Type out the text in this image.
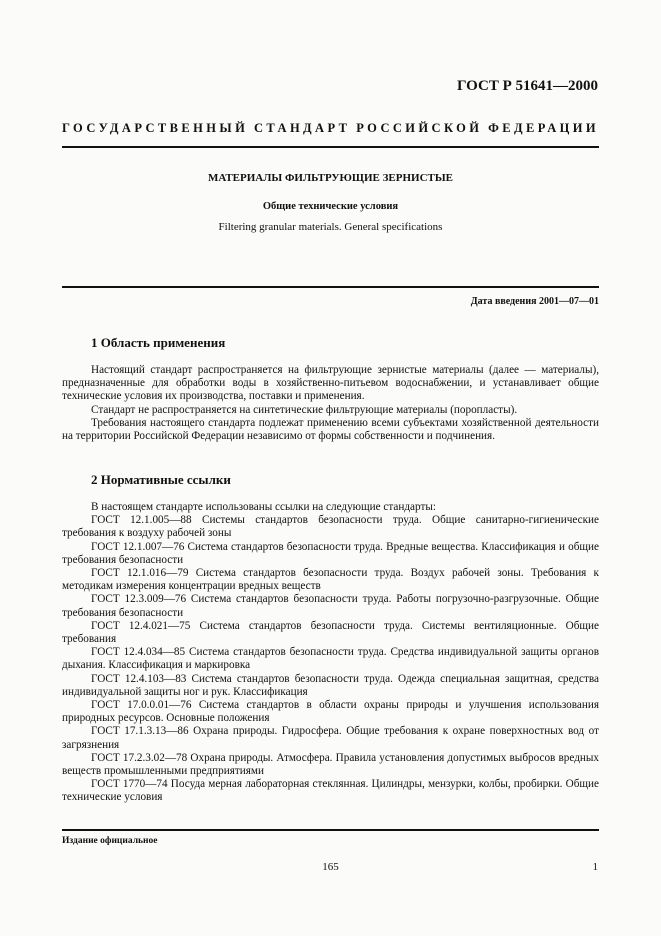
ГОСТ Р 51641—2000
ГОСУДАРСТВЕННЫЙ СТАНДАРТ РОССИЙСКОЙ ФЕДЕРАЦИИ
МАТЕРИАЛЫ ФИЛЬТРУЮЩИЕ ЗЕРНИСТЫЕ
Общие технические условия
Filtering granular materials. General specifications
Дата введения 2001—07—01
1 Область применения

Настоящий стандарт распространяется на фильтрующие зернистые материалы (далее — материалы), предназначенные для обработки воды в хозяйственно-питьевом водоснабжении, и устанавливает общие технические условия их производства, поставки и применения.

Стандарт не распространяется на синтетические фильтрующие материалы (поропласты).

Требования настоящего стандарта подлежат применению всеми субъектами хозяйственной деятельности на территории Российской Федерации независимо от формы собственности и подчинения.

2 Нормативные ссылки

В настоящем стандарте использованы ссылки на следующие стандарты:

ГОСТ 12.1.005—88 Системы стандартов безопасности труда. Общие санитарно-гигиенические требования к воздуху рабочей зоны

ГОСТ 12.1.007—76 Система стандартов безопасности труда. Вредные вещества. Классификация и общие требования безопасности

ГОСТ 12.1.016—79 Система стандартов безопасности труда. Воздух рабочей зоны. Требования к методикам измерения концентрации вредных веществ

ГОСТ 12.3.009—76 Система стандартов безопасности труда. Работы погрузочно-разгрузочные. Общие требования безопасности

ГОСТ 12.4.021—75 Система стандартов безопасности труда. Системы вентиляционные. Общие требования

ГОСТ 12.4.034—85 Система стандартов безопасности труда. Средства индивидуальной защиты органов дыхания. Классификация и маркировка

ГОСТ 12.4.103—83 Система стандартов безопасности труда. Одежда специальная защитная, средства индивидуальной защиты ног и рук. Классификация

ГОСТ 17.0.0.01—76 Система стандартов в области охраны природы и улучшения использования природных ресурсов. Основные положения

ГОСТ 17.1.3.13—86 Охрана природы. Гидросфера. Общие требования к охране поверхностных вод от загрязнения

ГОСТ 17.2.3.02—78 Охрана природы. Атмосфера. Правила установления допустимых выбросов вредных веществ промышленными предприятиями

ГОСТ 1770—74 Посуда мерная лабораторная стеклянная. Цилиндры, мензурки, колбы, пробирки. Общие технические условия

Издание официальное
165	1
